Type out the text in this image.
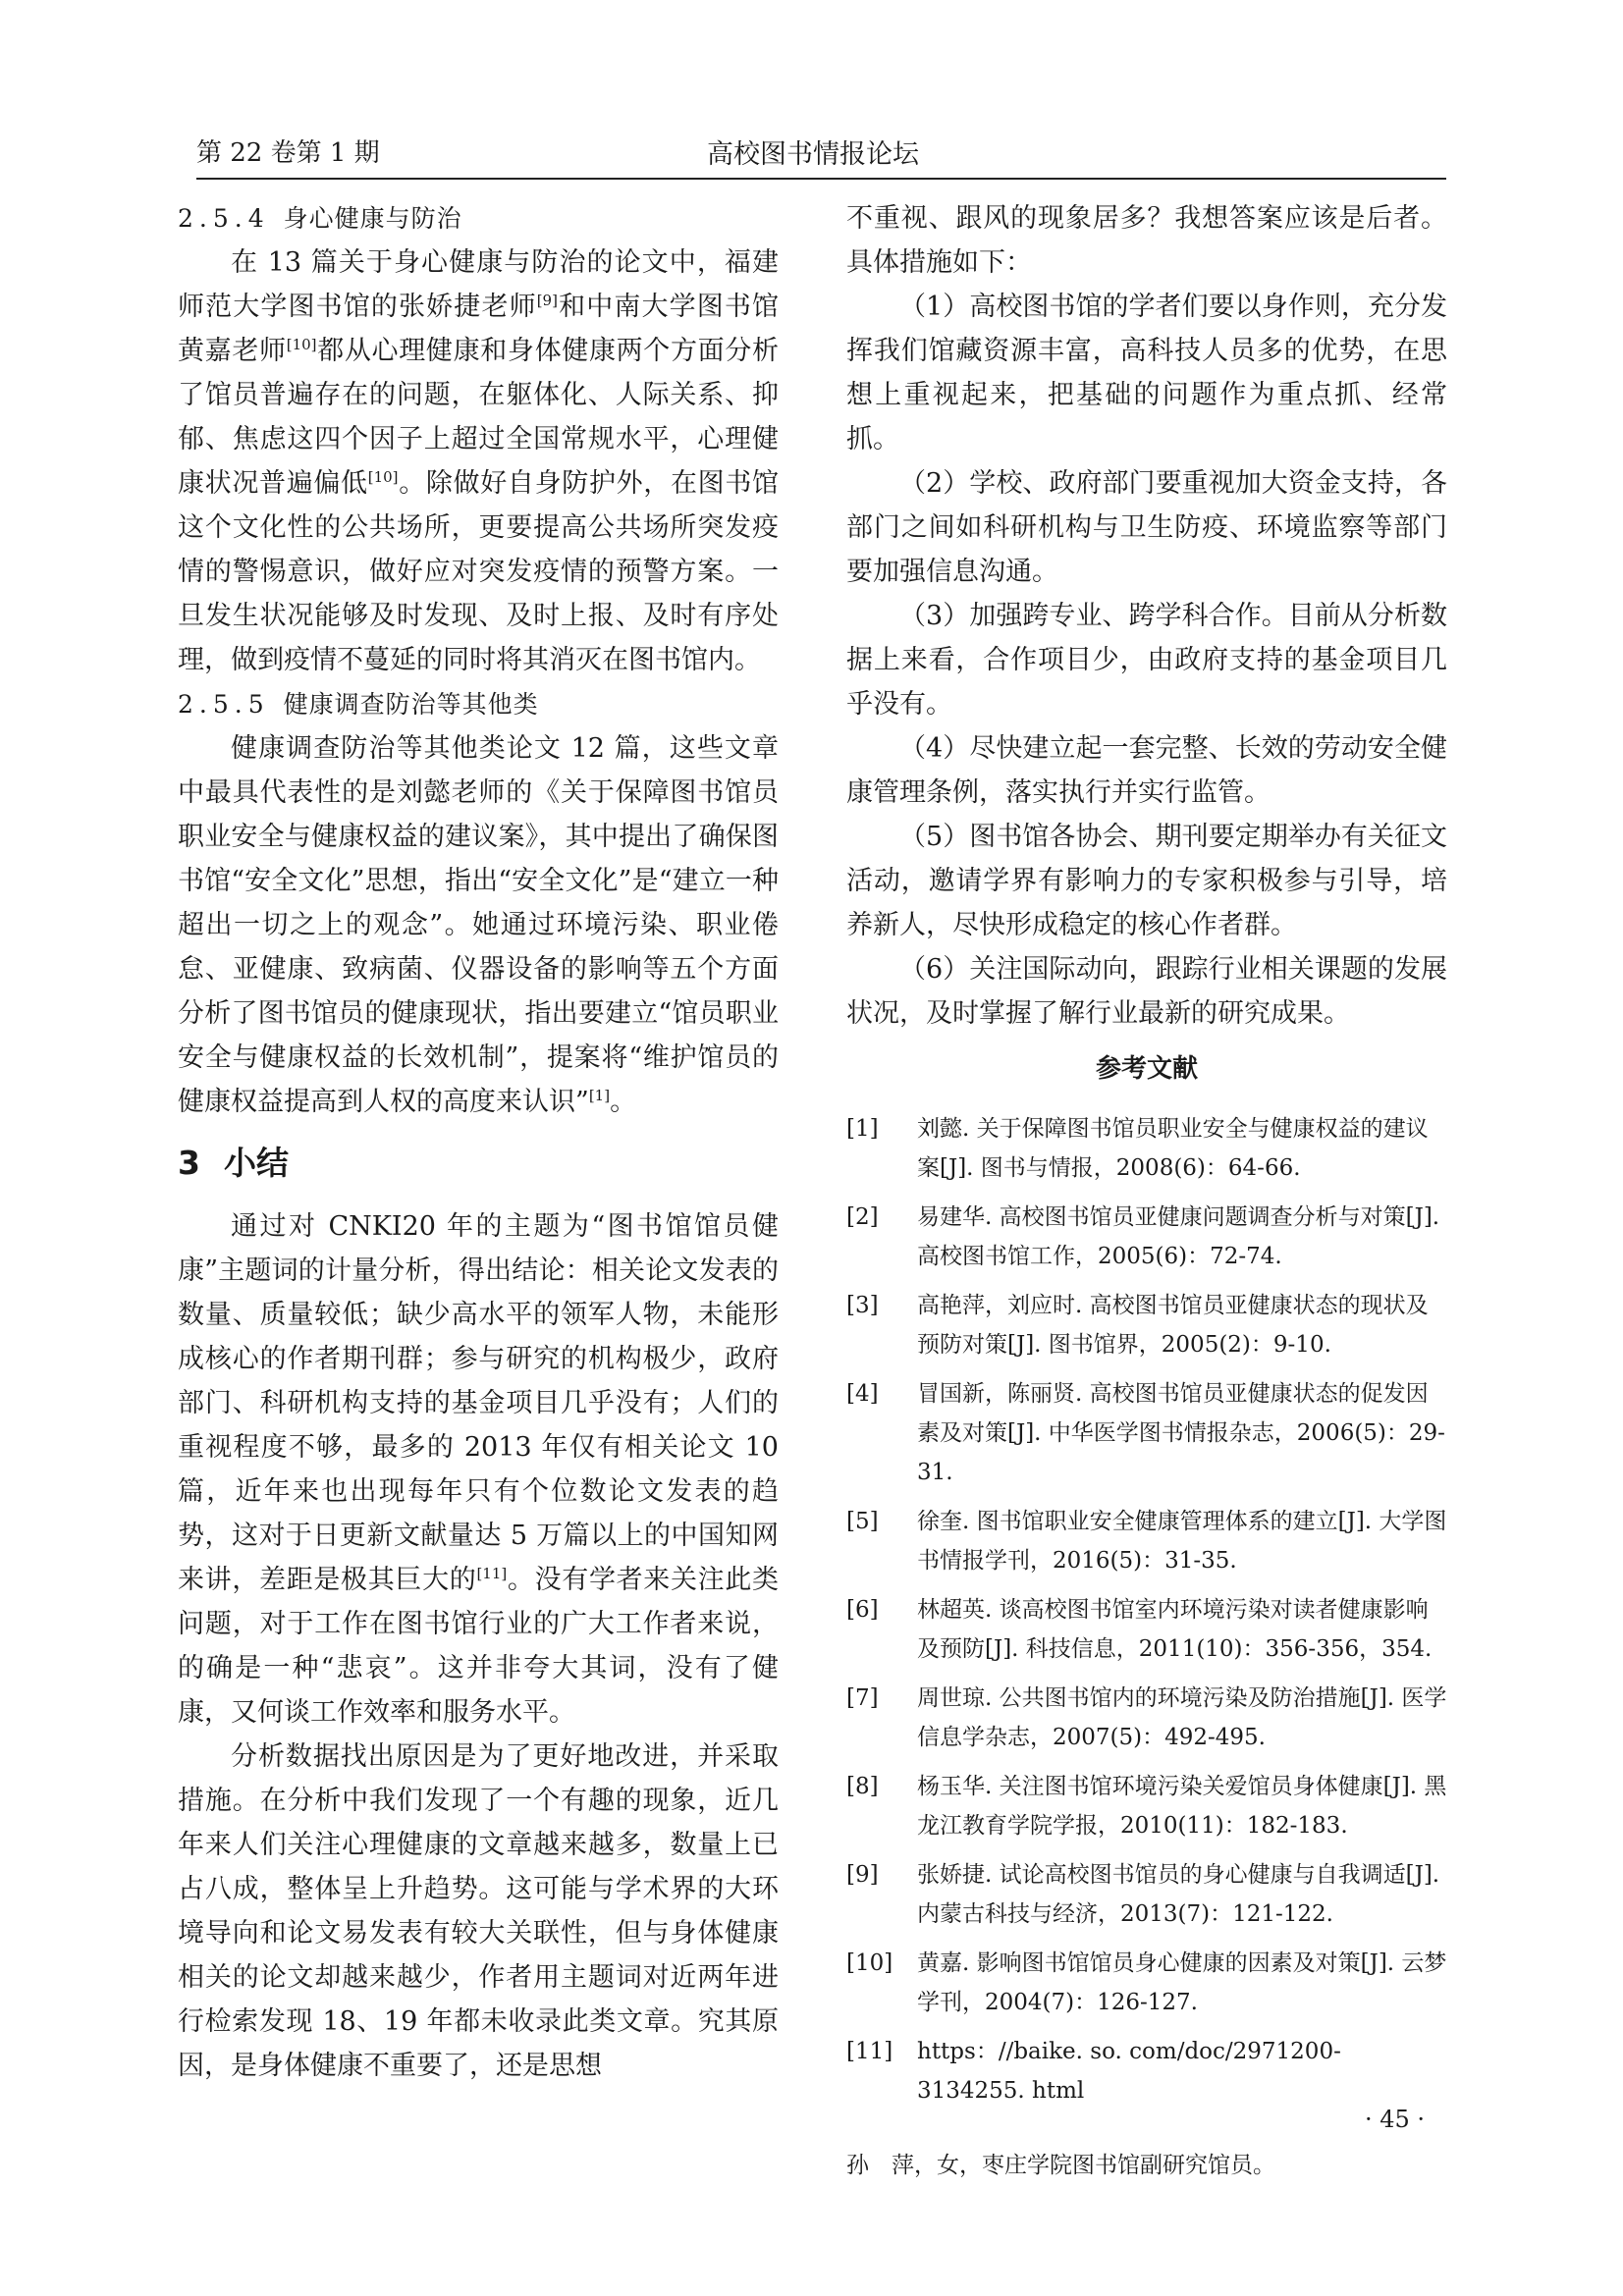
第 22 卷第 1 期	高校图书情报论坛
2.5.4 身心健康与防治

在 13 篇关于身心健康与防治的论文中，福建师范大学图书馆的张娇捷老师[9]和中南大学图书馆黄嘉老师[10]都从心理健康和身体健康两个方面分析了馆员普遍存在的问题，在躯体化、人际关系、抑郁、焦虑这四个因子上超过全国常规水平，心理健康状况普遍偏低[10]。除做好自身防护外，在图书馆这个文化性的公共场所，更要提高公共场所突发疫情的警惕意识，做好应对突发疫情的预警方案。一旦发生状况能够及时发现、及时上报、及时有序处理，做到疫情不蔓延的同时将其消灭在图书馆内。

2.5.5 健康调查防治等其他类

健康调查防治等其他类论文 12 篇，这些文章中最具代表性的是刘懿老师的《关于保障图书馆员职业安全与健康权益的建议案》，其中提出了确保图书馆“安全文化”思想，指出“安全文化”是“建立一种超出一切之上的观念”。她通过环境污染、职业倦怠、亚健康、致病菌、仪器设备的影响等五个方面分析了图书馆员的健康现状，指出要建立“馆员职业安全与健康权益的长效机制”，提案将“维护馆员的健康权益提高到人权的高度来认识”[1]。

3 小结

通过对 CNKI20 年的主题为“图书馆馆员健康”主题词的计量分析，得出结论：相关论文发表的数量、质量较低；缺少高水平的领军人物，未能形成核心的作者期刊群；参与研究的机构极少，政府部门、科研机构支持的基金项目几乎没有；人们的重视程度不够，最多的 2013 年仅有相关论文 10 篇，近年来也出现每年只有个位数论文发表的趋势，这对于日更新文献量达 5 万篇以上的中国知网来讲，差距是极其巨大的[11]。没有学者来关注此类问题，对于工作在图书馆行业的广大工作者来说，的确是一种“悲哀”。这并非夸大其词，没有了健康，又何谈工作效率和服务水平。

分析数据找出原因是为了更好地改进，并采取措施。在分析中我们发现了一个有趣的现象，近几年来人们关注心理健康的文章越来越多，数量上已占八成，整体呈上升趋势。这可能与学术界的大环境导向和论文易发表有较大关联性，但与身体健康相关的论文却越来越少，作者用主题词对近两年进行检索发现 18、19 年都未收录此类文章。究其原因，是身体健康不重要了，还是思想

不重视、跟风的现象居多？我想答案应该是后者。具体措施如下：

（1）高校图书馆的学者们要以身作则，充分发挥我们馆藏资源丰富，高科技人员多的优势，在思想上重视起来，把基础的问题作为重点抓、经常抓。

（2）学校、政府部门要重视加大资金支持，各部门之间如科研机构与卫生防疫、环境监察等部门要加强信息沟通。

（3）加强跨专业、跨学科合作。目前从分析数据上来看，合作项目少，由政府支持的基金项目几乎没有。

（4）尽快建立起一套完整、长效的劳动安全健康管理条例，落实执行并实行监管。

（5）图书馆各协会、期刊要定期举办有关征文活动，邀请学界有影响力的专家积极参与引导，培养新人，尽快形成稳定的核心作者群。

（6）关注国际动向，跟踪行业相关课题的发展状况，及时掌握了解行业最新的研究成果。

参考文献
[1] 刘懿. 关于保障图书馆员职业安全与健康权益的建议案[J]. 图书与情报，2008(6)：64-66.
[2] 易建华. 高校图书馆员亚健康问题调查分析与对策[J]. 高校图书馆工作，2005(6)：72-74.
[3] 高艳萍，刘应时. 高校图书馆员亚健康状态的现状及预防对策[J]. 图书馆界，2005(2)：9-10.
[4] 冒国新，陈丽贤. 高校图书馆员亚健康状态的促发因素及对策[J]. 中华医学图书情报杂志，2006(5)：29-31.
[5] 徐奎. 图书馆职业安全健康管理体系的建立[J]. 大学图书情报学刊，2016(5)：31-35.
[6] 林超英. 谈高校图书馆室内环境污染对读者健康影响及预防[J]. 科技信息，2011(10)：356-356，354.
[7] 周世琼. 公共图书馆内的环境污染及防治措施[J]. 医学信息学杂志，2007(5)：492-495.
[8] 杨玉华. 关注图书馆环境污染关爱馆员身体健康[J]. 黑龙江教育学院学报，2010(11)：182-183.
[9] 张娇捷. 试论高校图书馆员的身心健康与自我调适[J]. 内蒙古科技与经济，2013(7)：121-122.
[10] 黄嘉. 影响图书馆馆员身心健康的因素及对策[J]. 云梦学刊，2004(7)：126-127.
[11] https：//baike. so. com/doc/2971200-3134255. html
孙　萍，女，枣庄学院图书馆副研究馆员。
· 45 ·
